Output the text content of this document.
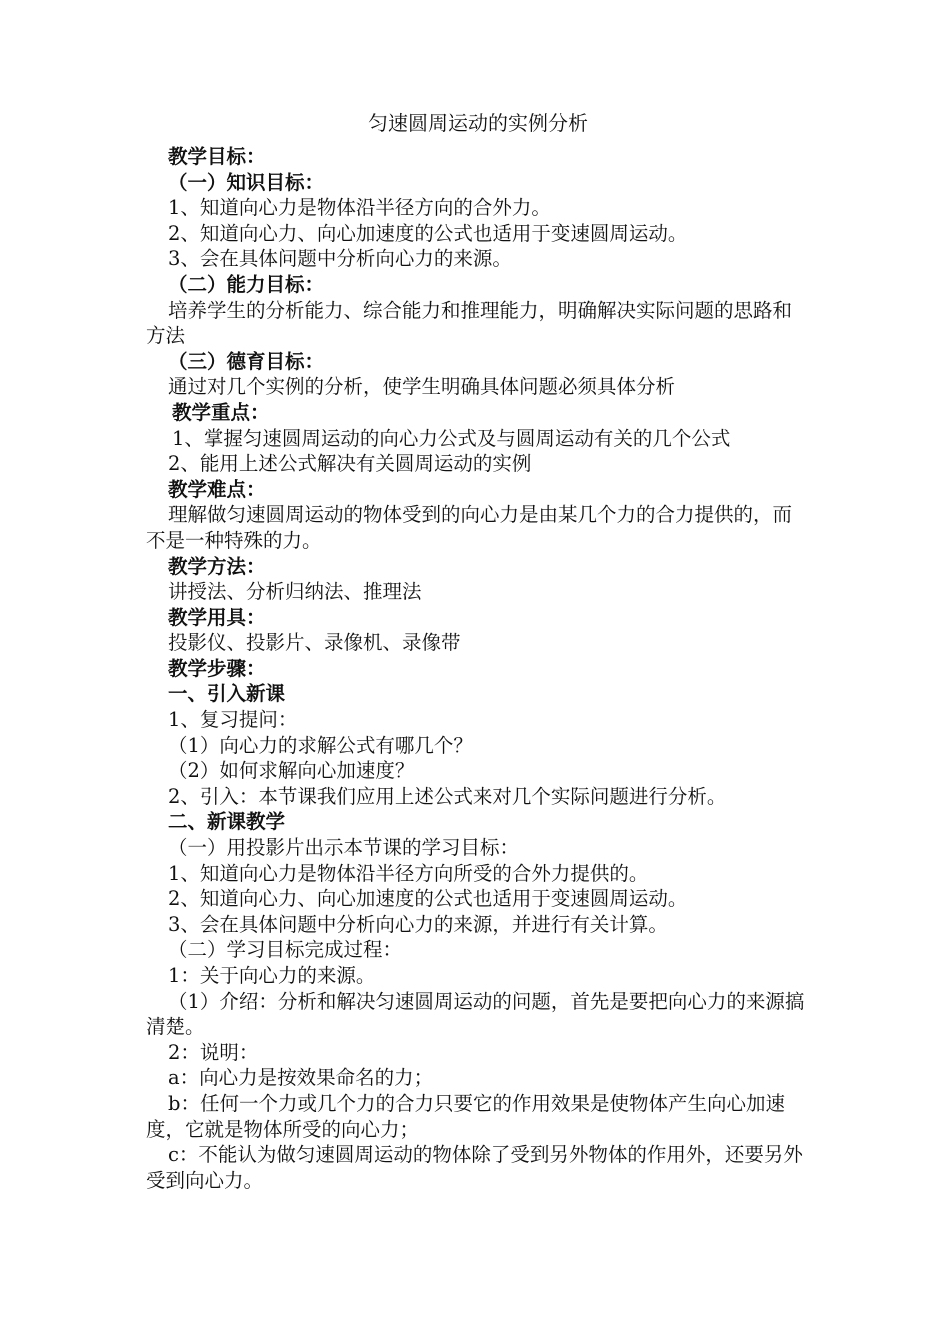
匀速圆周运动的实例分析
教学目标：
（一）知识目标：
1、知道向心力是物体沿半径方向的合外力。
2、知道向心力、向心加速度的公式也适用于变速圆周运动。
3、会在具体问题中分析向心力的来源。
（二）能力目标：
培养学生的分析能力、综合能力和推理能力，明确解决实际问题的思路和方法
（三）德育目标：
通过对几个实例的分析，使学生明确具体问题必须具体分析
教学重点：
1、掌握匀速圆周运动的向心力公式及与圆周运动有关的几个公式
2、能用上述公式解决有关圆周运动的实例
教学难点：
理解做匀速圆周运动的物体受到的向心力是由某几个力的合力提供的，而不是一种特殊的力。
教学方法：
讲授法、分析归纳法、推理法
教学用具：
投影仪、投影片、录像机、录像带
教学步骤：
一、引入新课
1、复习提问：
（1）向心力的求解公式有哪几个？
（2）如何求解向心加速度？
2、引入：本节课我们应用上述公式来对几个实际问题进行分析。
二、新课教学
（一）用投影片出示本节课的学习目标：
1、知道向心力是物体沿半径方向所受的合外力提供的。
2、知道向心力、向心加速度的公式也适用于变速圆周运动。
3、会在具体问题中分析向心力的来源，并进行有关计算。
（二）学习目标完成过程：
1：关于向心力的来源。
（1）介绍：分析和解决匀速圆周运动的问题，首先是要把向心力的来源搞清楚。
2：说明：
a：向心力是按效果命名的力；
b：任何一个力或几个力的合力只要它的作用效果是使物体产生向心加速度，它就是物体所受的向心力；
c：不能认为做匀速圆周运动的物体除了受到另外物体的作用外，还要另外受到向心力。
